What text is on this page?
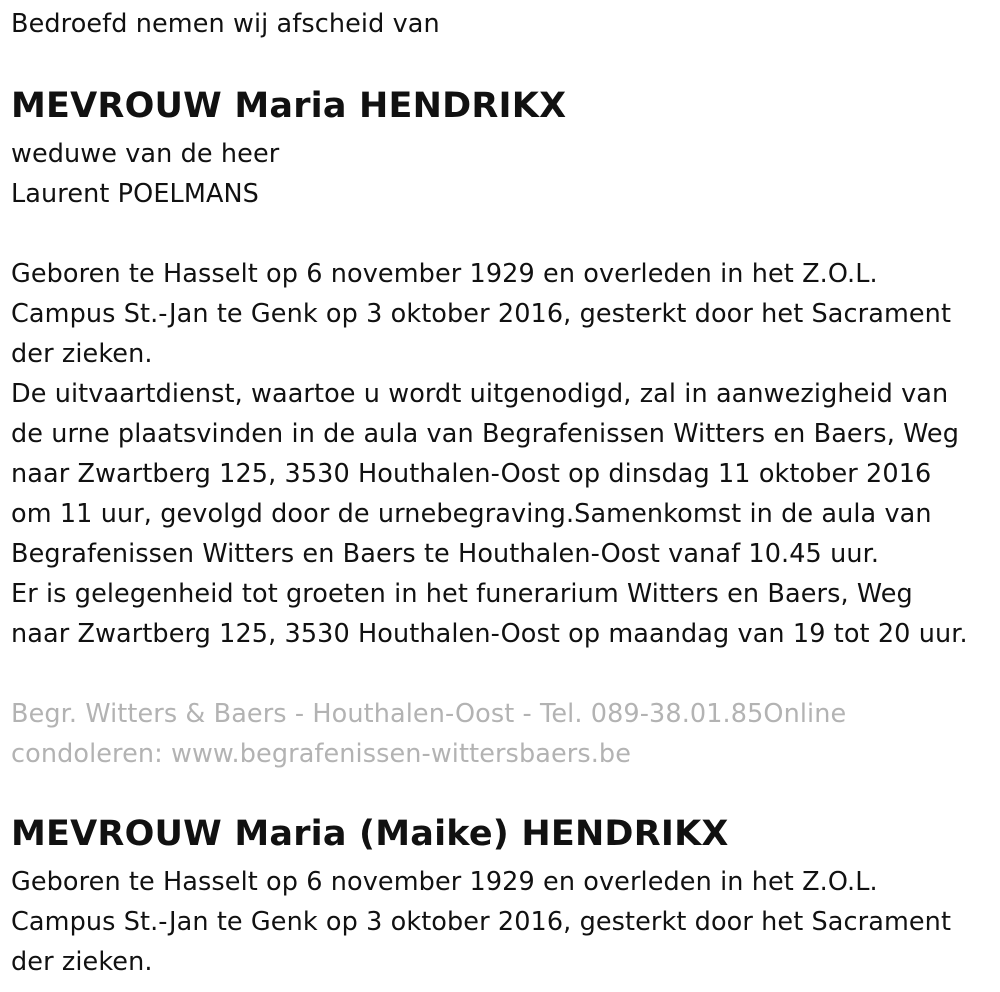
Bedroefd nemen wij afscheid van
MEVROUW Maria HENDRIKX
weduwe van de heer
Laurent POELMANS
Geboren te Hasselt op 6 november 1929 en overleden in het Z.O.L.
Campus St.-Jan te Genk op 3 oktober 2016, gesterkt door het Sacrament
der zieken.
De uitvaartdienst, waartoe u wordt uitgenodigd, zal in aanwezigheid van
de urne plaatsvinden in de aula van Begrafenissen Witters en Baers, Weg
naar Zwartberg 125, 3530 Houthalen-Oost op dinsdag 11 oktober 2016
om 11 uur, gevolgd door de urnebegraving.Samenkomst in de aula van
Begrafenissen Witters en Baers te Houthalen-Oost vanaf 10.45 uur.
Er is gelegenheid tot groeten in het funerarium Witters en Baers, Weg
naar Zwartberg 125, 3530 Houthalen-Oost op maandag van 19 tot 20 uur.
Begr. Witters & Baers - Houthalen-Oost - Tel. 089-38.01.85Online
condoleren: www.begrafenissen-wittersbaers.be
MEVROUW Maria (Maike) HENDRIKX
Geboren te Hasselt op 6 november 1929 en overleden in het Z.O.L.
Campus St.-Jan te Genk op 3 oktober 2016, gesterkt door het Sacrament
der zieken.
